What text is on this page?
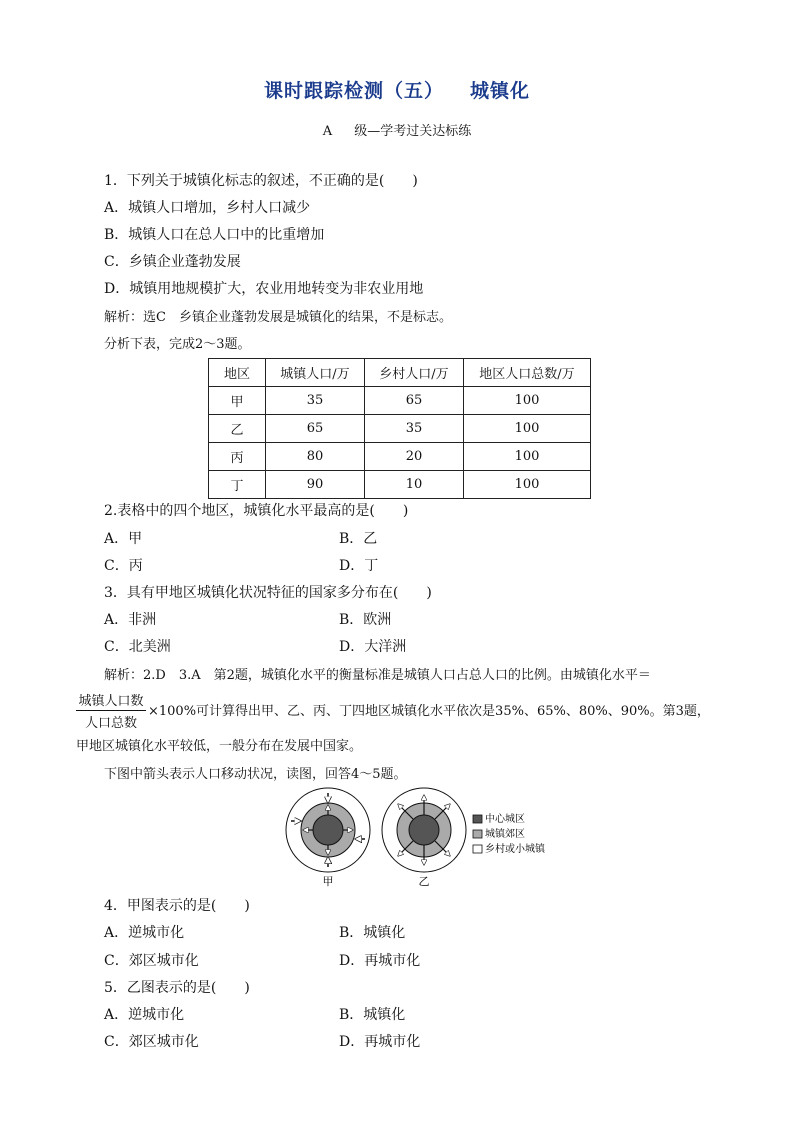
课时跟踪检测（五） 城镇化
A 级—学考过关达标练
1．下列关于城镇化标志的叙述，不正确的是(　　)
A．城镇人口增加，乡村人口减少
B．城镇人口在总人口中的比重增加
C．乡镇企业蓬勃发展
D．城镇用地规模扩大，农业用地转变为非农业用地
解析：选C　乡镇企业蓬勃发展是城镇化的结果，不是标志。
分析下表，完成2～3题。
地区	城镇人口/万	乡村人口/万	地区人口总数/万
甲	35	65	100
乙	65	35	100
丙	80	20	100
丁	90	10	100
2.表格中的四个地区，城镇化水平最高的是(　　)
A．甲	B．乙
C．丙	D．丁
3．具有甲地区城镇化状况特征的国家多分布在(　　)
A．非洲	B．欧洲
C．北美洲	D．大洋洲
解析：2.D　3.A　第2题，城镇化水平的衡量标准是城镇人口占总人口的比例。由城镇化水平＝
城镇人口数
人口总数
×100%可计算得出甲、乙、丙、丁四地区城镇化水平依次是35%、65%、80%、90%。第3题，
甲地区城镇化水平较低，一般分布在发展中国家。
下图中箭头表示人口移动状况，读图，回答4～5题。
甲	乙
中心城区
城镇郊区
乡村或小城镇
4．甲图表示的是(　　)
A．逆城市化	B．城镇化
C．郊区城市化	D．再城市化
5．乙图表示的是(　　)
A．逆城市化	B．城镇化
C．郊区城市化	D．再城市化
